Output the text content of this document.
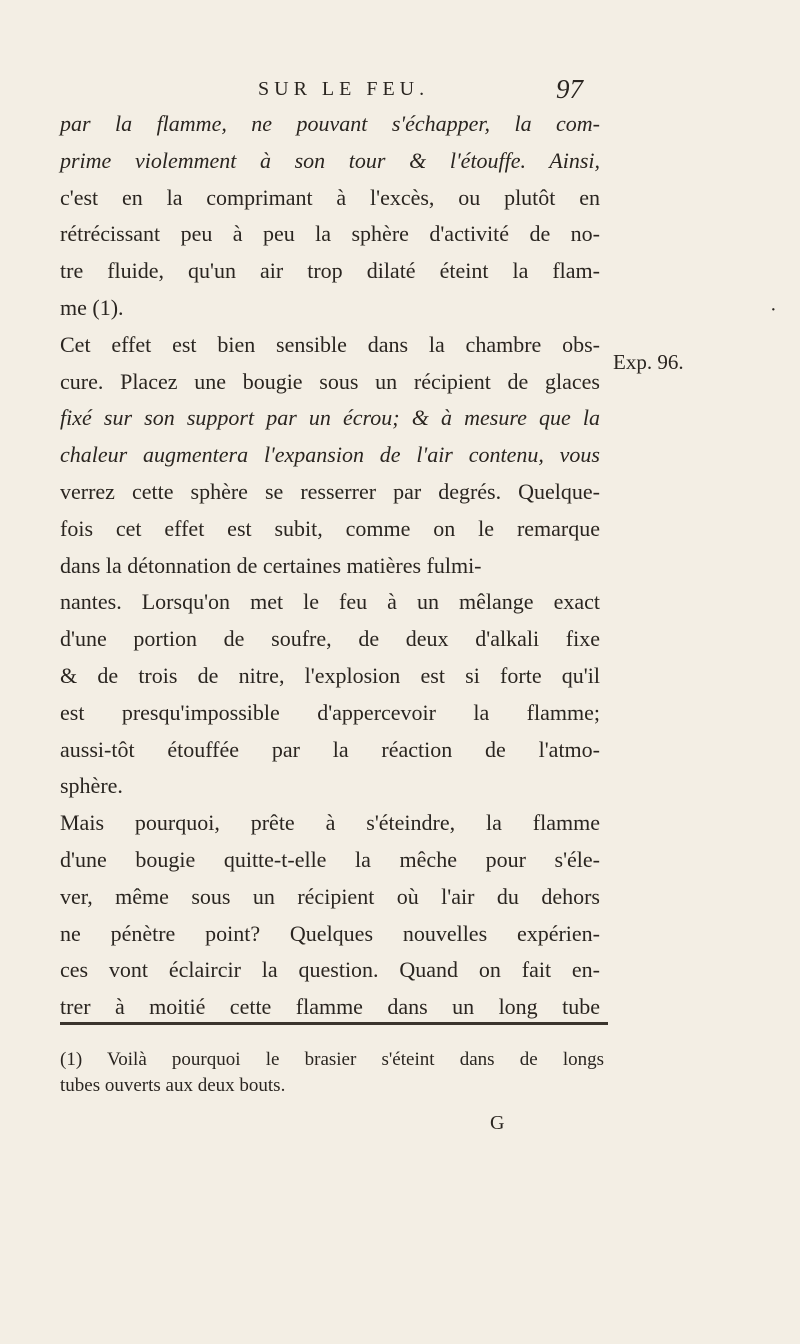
SUR LE FEU.	97
par la flamme, ne pouvant s'échapper, la com-
prime violemment à son tour & l'étouffe. Ainsi,
c'est en la comprimant à l'excès, ou plutôt en
rétrécissant peu à peu la sphère d'activité de no-
tre fluide, qu'un air trop dilaté éteint la flam-
me (1).
Cet effet est bien sensible dans la chambre obs-
cure. Placez une bougie sous un récipient de glaces
fixé sur son support par un écrou; & à mesure que la
chaleur augmentera l'expansion de l'air contenu, vous
verrez cette sphère se resserrer par degrés. Quelque-
fois cet effet est subit, comme on le remarque
dans la détonnation de certaines matières fulmi-
nantes. Lorsqu'on met le feu à un mêlange exact
d'une portion de soufre, de deux d'alkali fixe
& de trois de nitre, l'explosion est si forte qu'il
est presqu'impossible d'appercevoir la flamme;
aussi-tôt étouffée par la réaction de l'atmo-
sphère.
Mais pourquoi, prête à s'éteindre, la flamme
d'une bougie quitte-t-elle la mêche pour s'éle-
ver, même sous un récipient où l'air du dehors
ne pénètre point? Quelques nouvelles expérien-
ces vont éclaircir la question. Quand on fait en-
trer à moitié cette flamme dans un long tube
Exp. 96.
(1) Voilà pourquoi le brasier s'éteint dans de longs
tubes ouverts aux deux bouts.
G
·
